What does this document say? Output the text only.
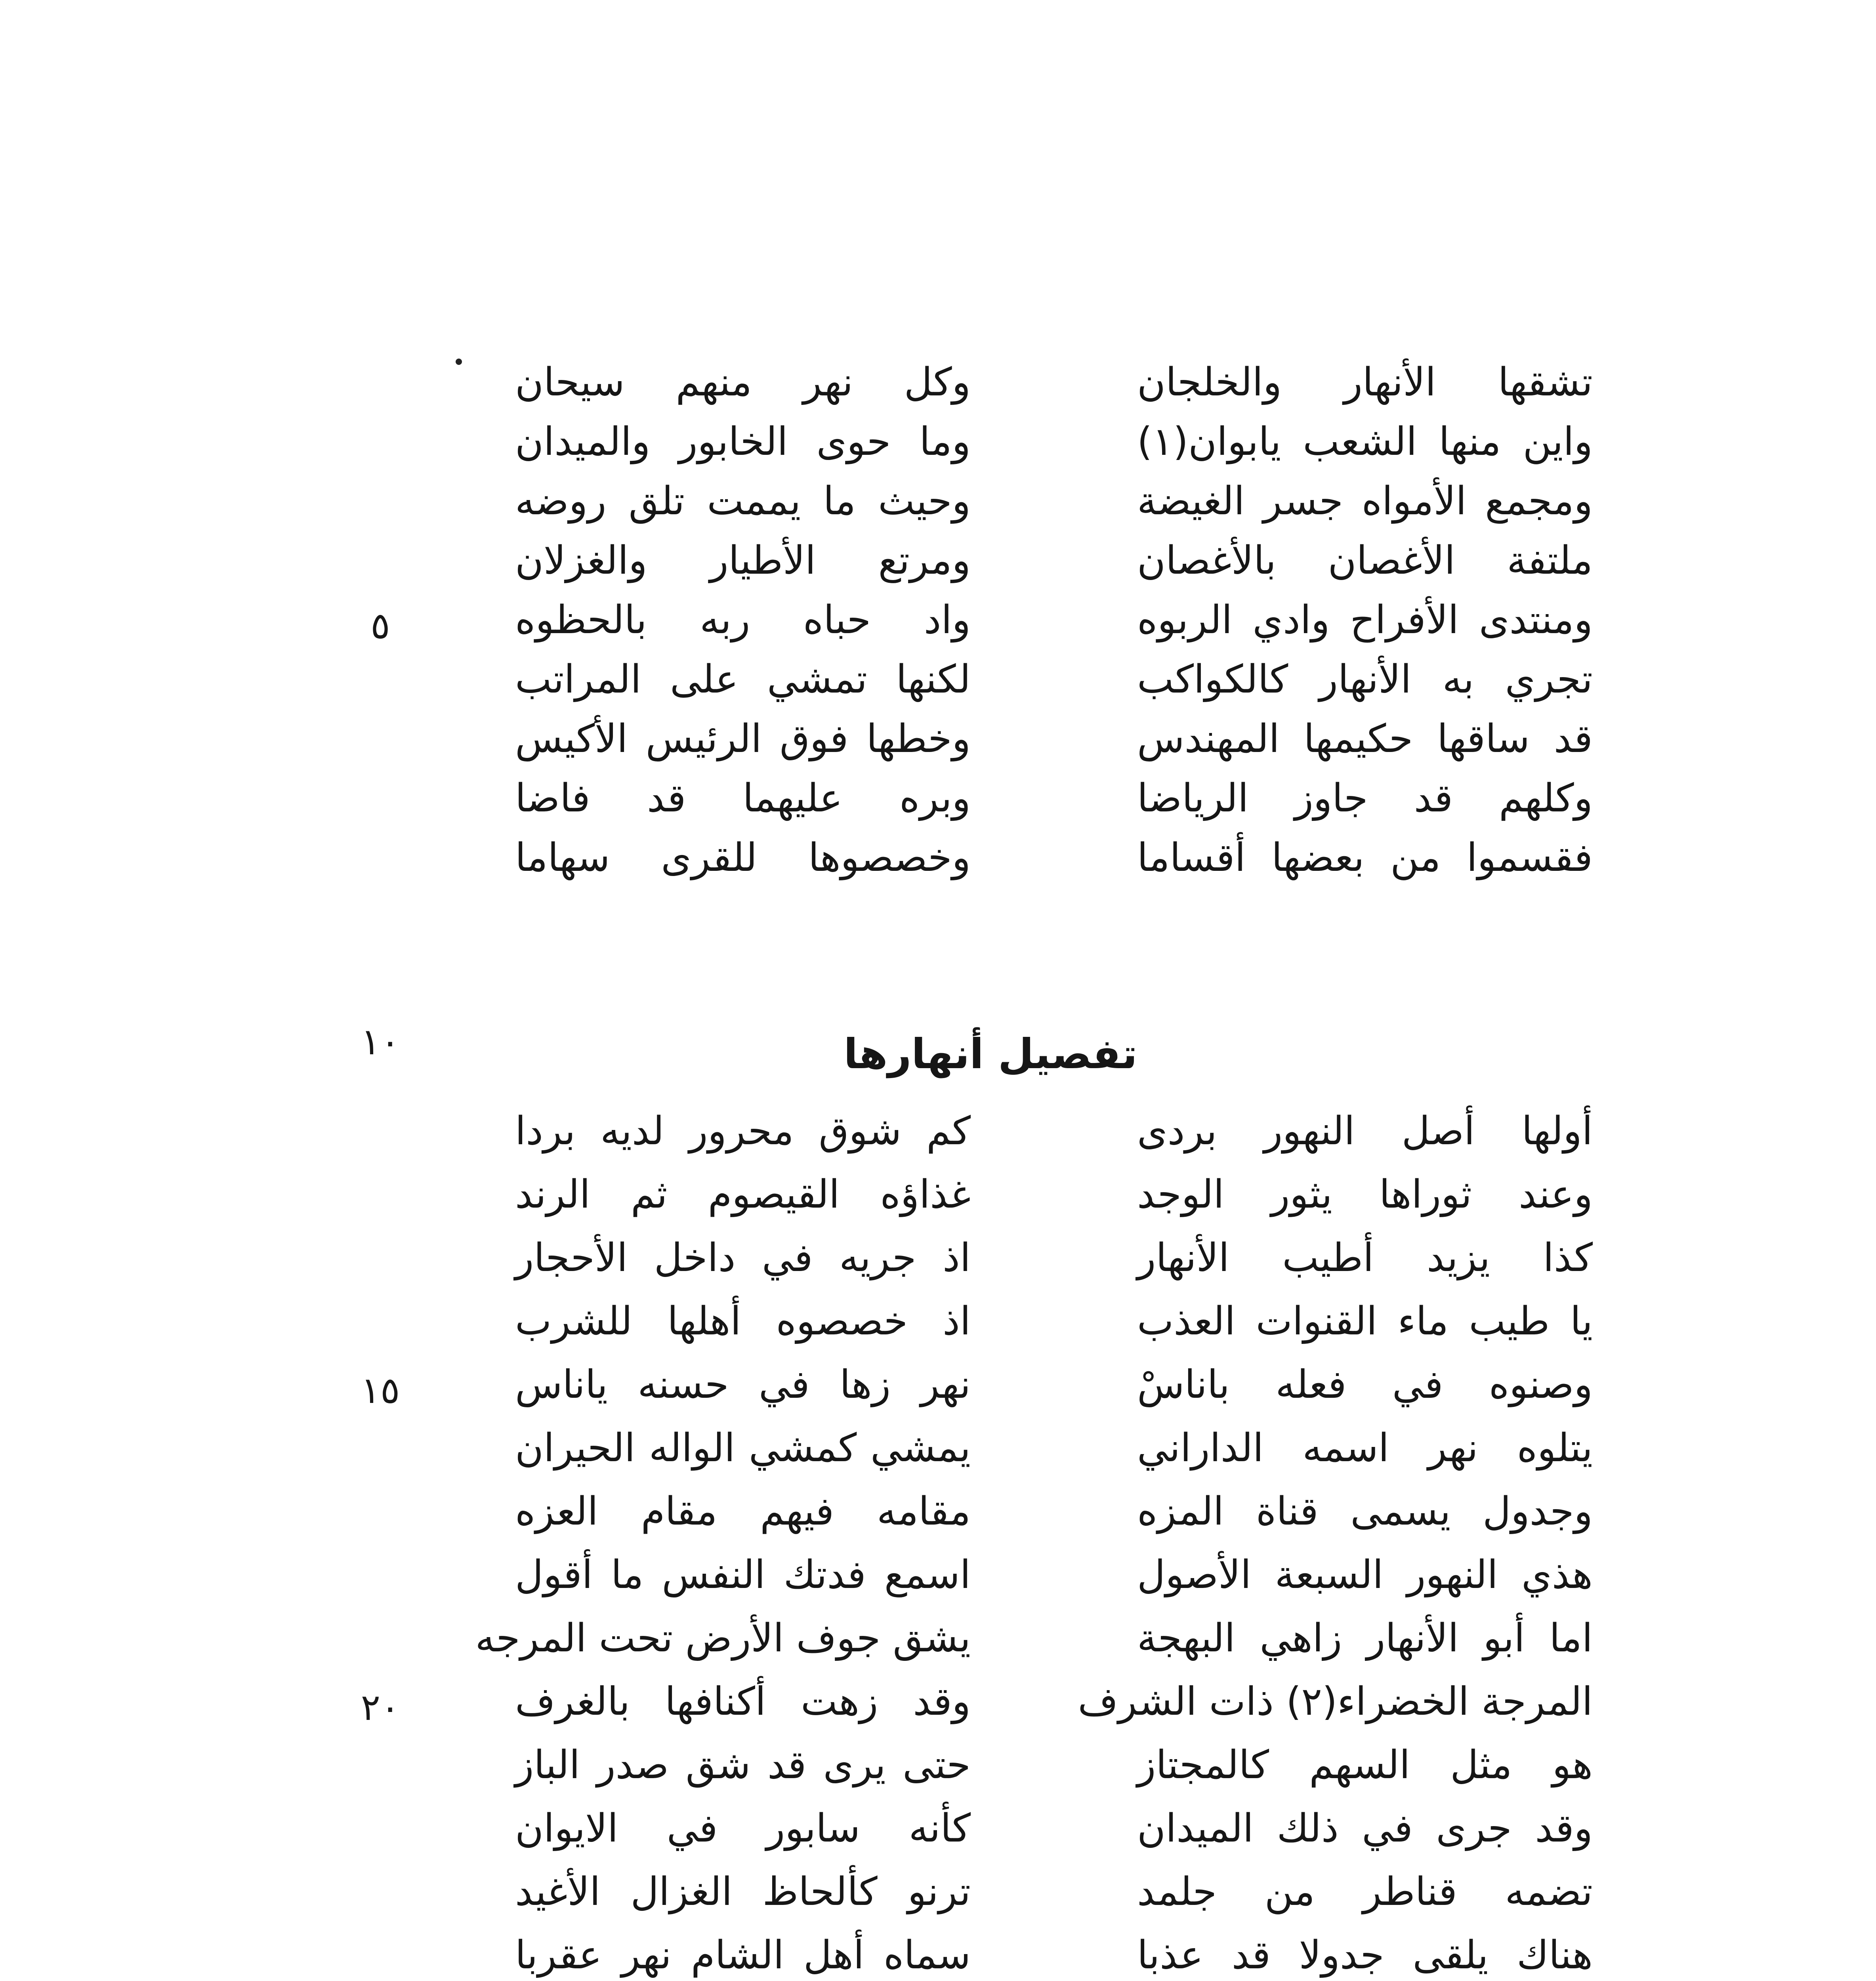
تشقها الأنهار والخلجان
وكل نهر منهم سيحان
واين منها الشعب يابوان(١)
وما حوى الخابور والميدان
ومجمع الأمواه جسر الغيضة
وحيث ما يممت تلق روضه
ملتفة الأغصان بالأغصان
ومرتع الأطيار والغزلان
ومنتدى الأفراح وادي الربوه
واد حباه ربه بالحظوه
تجري به الأنهار كالكواكب
لكنها تمشي على المراتب
قد ساقها حكيمها المهندس
وخطها فوق الرئيس الأكيس
وكلهم قد جاوز الرياضا
وبره عليهما قد فاضا
فقسموا من بعضها أقساما
وخصصوها للقرى سهاما
تفصيل أنهارها
أولها أصل النهور بردى
كم شوق محرور لديه بردا
وعند ثوراها يثور الوجد
غذاؤه القيصوم ثم الرند
كذا يزيد أطيب الأنهار
اذ جريه في داخل الأحجار
يا طيب ماء القنوات العذب
اذ خصصوه أهلها للشرب
وصنوه في فعله باناسْ
نهر زها في حسنه ياناس
يتلوه نهر اسمه الداراني
يمشي كمشي الواله الحيران
وجدول يسمى قناة المزه
مقامه فيهم مقام العزه
هذي النهور السبعة الأصول
اسمع فدتك النفس ما أقول
اما أبو الأنهار زاهي البهجة
يشق جوف الأرض تحت المرجه
المرجة الخضراء(٢) ذات الشرف
وقد زهت أكنافها بالغرف
هو مثل السهم كالمجتاز
حتى يرى قد شق صدر الباز
وقد جرى في ذلك الميدان
كأنه سابور في الايوان
تضمه قناطر من جلمد
ترنو كألحاظ الغزال الأغيد
هناك يلقى جدولا قد عذبا
سماه أهل الشام نهر عقربا
٥
١٠
١٥
٢٠
